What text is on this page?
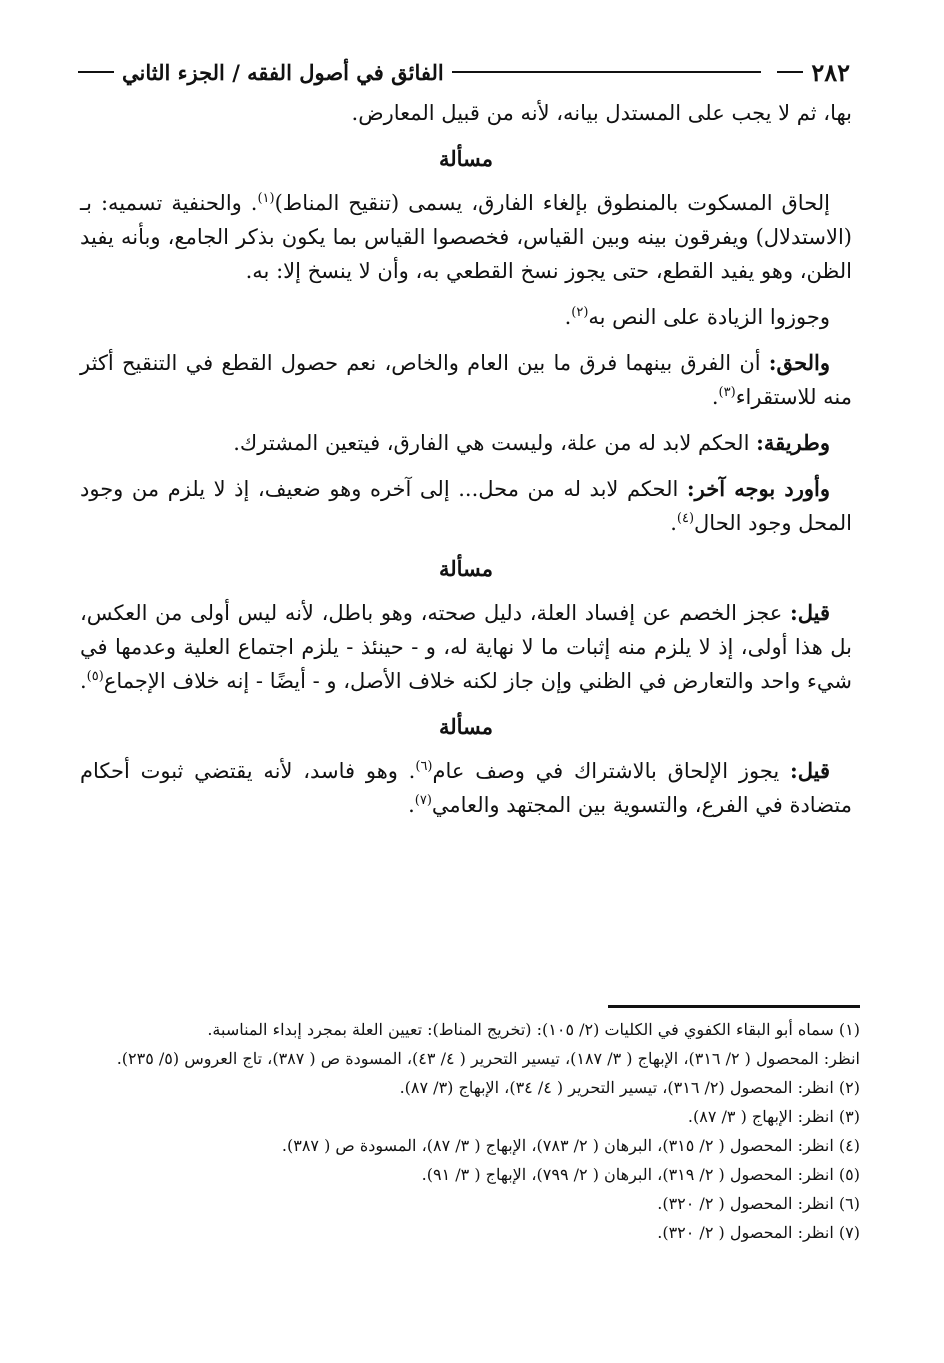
٢٨٢
الفائق في أصول الفقه / الجزء الثاني

بها، ثم لا يجب على المستدل بيانه، لأنه من قبيل المعارض.

مسألة

إلحاق المسكوت بالمنطوق بإلغاء الفارق، يسمى (تنقيح المناط)$^{(١)}$. والحنفية تسميه: بـ (الاستدلال) ويفرقون بينه وبين القياس، فخصصوا القياس بما يكون بذكر الجامع، وبأنه يفيد الظن، وهو يفيد القطع، حتى يجوز نسخ القطعي به، وأن لا ينسخ إلا: به.

وجوزوا الزيادة على النص به$^{(٢)}$.

والحق: أن الفرق بينهما فرق ما بين العام والخاص، نعم حصول القطع في التنقيح أكثر منه للاستقراء$^{(٣)}$.

وطريقة: الحكم لابد له من علة، وليست هي الفارق، فيتعين المشترك.

وأورد بوجه آخر: الحكم لابد له من محل... إلى آخره وهو ضعيف، إذ لا يلزم من وجود المحل وجود الحال$^{(٤)}$.

مسألة

قيل: عجز الخصم عن إفساد العلة، دليل صحته، وهو باطل، لأنه ليس أولى من العكس، بل هذا أولى، إذ لا يلزم منه إثبات ما لا نهاية له، و - حينئذ - يلزم اجتماع العلية وعدمها في شيء واحد والتعارض في الظني وإن جاز لكنه خلاف الأصل، و - أيضًا - إنه خلاف الإجماع$^{(٥)}$.

مسألة

قيل: يجوز الإلحاق بالاشتراك في وصف عام$^{(٦)}$. وهو فاسد، لأنه يقتضي ثبوت أحكام متضادة في الفرع، والتسوية بين المجتهد والعامي$^{(٧)}$.

(١) سماه أبو البقاء الكفوي في الكليات (٢/ ١٠٥): (تخريج المناط): تعيين العلة بمجرد إبداء المناسبة.

انظر: المحصول ( ٢/ ٣١٦)، الإبهاج ( ٣/ ١٨٧)، تيسير التحرير ( ٤/ ٤٣)، المسودة ص ( ٣٨٧)، تاج العروس (٥/ ٢٣٥).

(٢) انظر: المحصول (٢/ ٣١٦)، تيسير التحرير ( ٤/ ٣٤)، الإبهاج (٣/ ٨٧).

(٣) انظر: الإبهاج ( ٣/ ٨٧).

(٤) انظر: المحصول ( ٢/ ٣١٥)، البرهان ( ٢/ ٧٨٣)، الإبهاج ( ٣/ ٨٧)، المسودة ص ( ٣٨٧).

(٥) انظر: المحصول ( ٢/ ٣١٩)، البرهان ( ٢/ ٧٩٩)، الإبهاج ( ٣/ ٩١).

(٦) انظر: المحصول ( ٢/ ٣٢٠).

(٧) انظر: المحصول ( ٢/ ٣٢٠).
